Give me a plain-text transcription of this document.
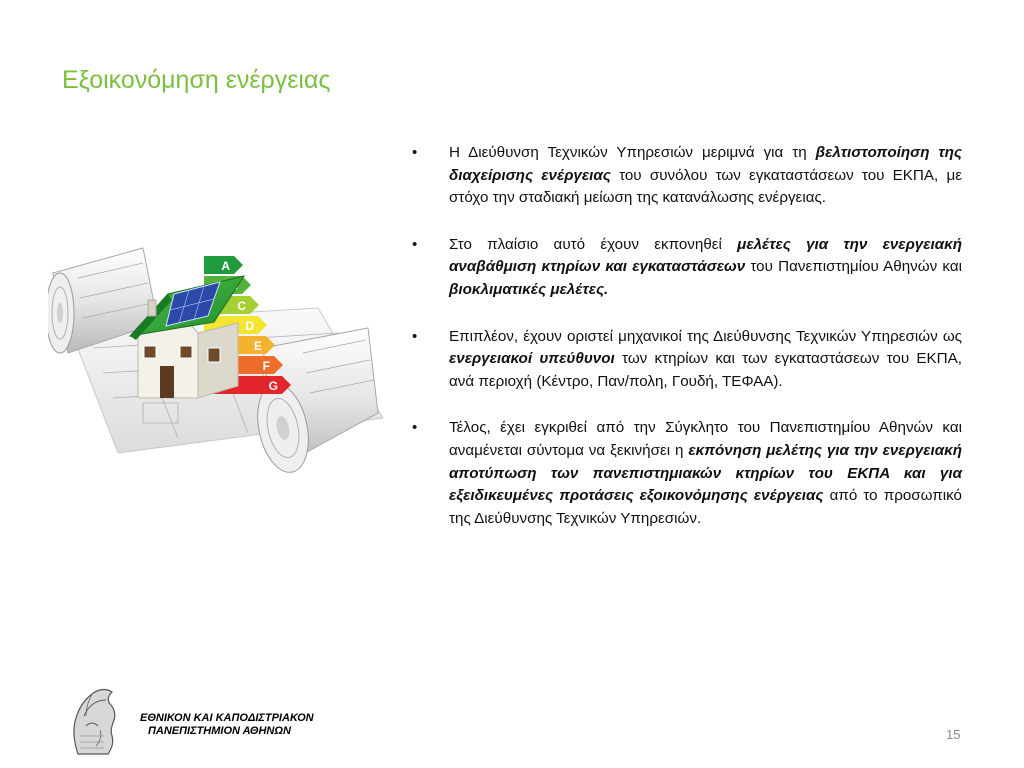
Εξοικονόμηση ενέργειας
A
C
D
E
F
G
• Η Διεύθυνση Τεχνικών Υπηρεσιών μεριμνά για τη βελτιστοποίηση της διαχείρισης ενέργειας του συνόλου των εγκαταστάσεων του ΕΚΠΑ, με στόχο την σταδιακή μείωση της κατανάλωσης ενέργειας.
• Στο πλαίσιο αυτό έχουν εκπονηθεί μελέτες για την ενεργειακή αναβάθμιση κτηρίων και εγκαταστάσεων του Πανεπιστημίου Αθηνών και βιοκλιματικές μελέτες.
• Επιπλέον, έχουν οριστεί μηχανικοί της Διεύθυνσης Τεχνικών Υπηρεσιών ως ενεργειακοί υπεύθυνοι των κτηρίων και των εγκαταστάσεων του ΕΚΠΑ, ανά περιοχή (Κέντρο, Παν/πολη, Γουδή, ΤΕΦΑΑ).
• Τέλος, έχει εγκριθεί από την Σύγκλητο του Πανεπιστημίου Αθηνών και αναμένεται σύντομα να ξεκινήσει η εκπόνηση μελέτης για την ενεργειακή αποτύπωση των πανεπιστημιακών κτηρίων του ΕΚΠΑ και για εξειδικευμένες προτάσεις εξοικονόμησης ενέργειας από το προσωπικό της Διεύθυνσης Τεχνικών Υπηρεσιών.
ΕΘΝΙΚΟΝ ΚΑΙ ΚΑΠΟΔΙΣΤΡΙΑΚΟΝ
ΠΑΝΕΠΙΣΤΗΜΙΟΝ ΑΘΗΝΩΝ	15
